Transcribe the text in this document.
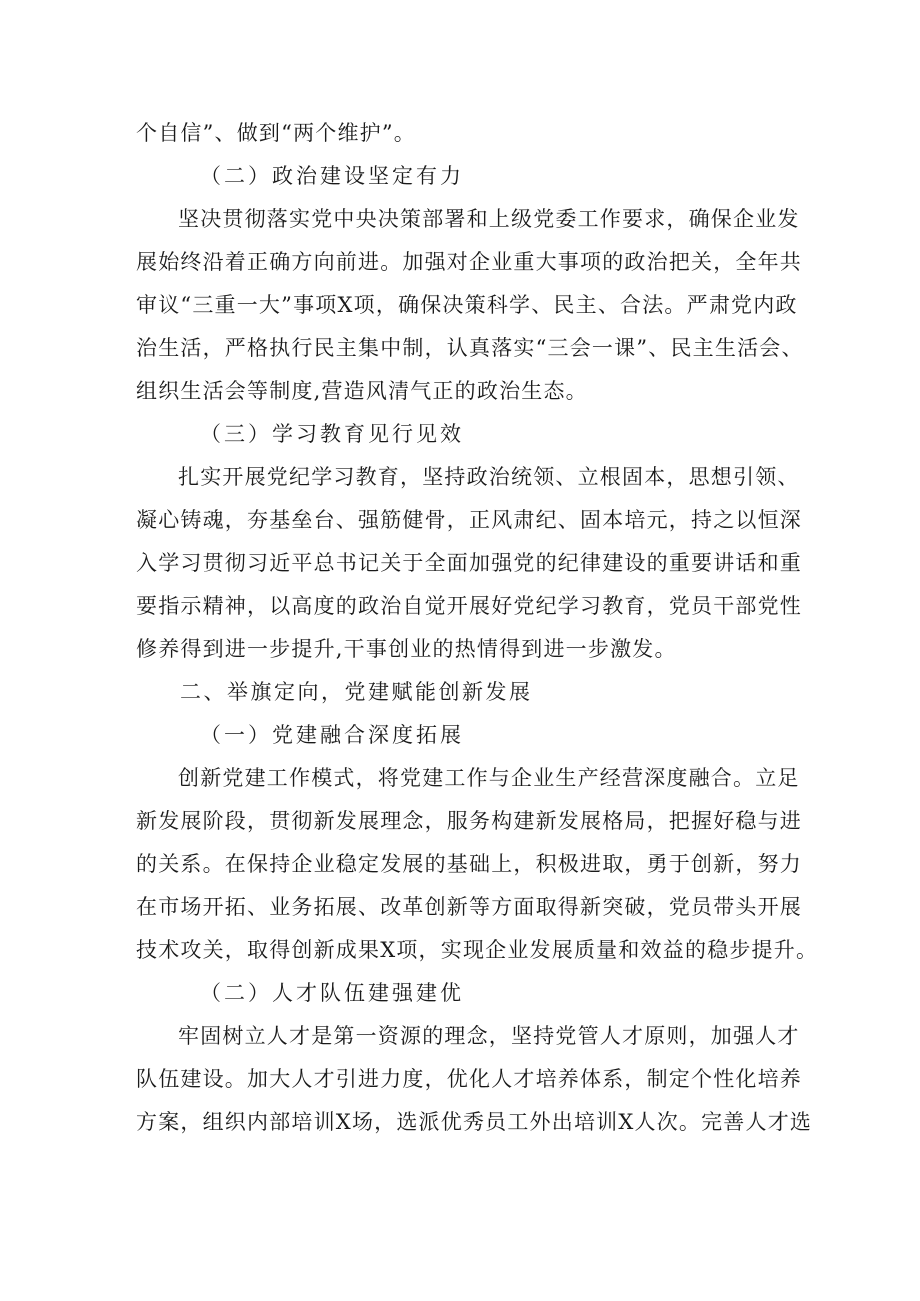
个自信”、做到“两个维护”。
（二）政治建设坚定有力
坚决贯彻落实党中央决策部署和上级党委工作要求，确保企业发
展始终沿着正确方向前进。加强对企业重大事项的政治把关，全年共
审议“三重一大”事项X项，确保决策科学、民主、合法。严肃党内政
治生活，严格执行民主集中制，认真落实“三会一课”、民主生活会、
组织生活会等制度,营造风清气正的政治生态。
（三）学习教育见行见效
扎实开展党纪学习教育，坚持政治统领、立根固本，思想引领、
凝心铸魂，夯基垒台、强筋健骨，正风肃纪、固本培元，持之以恒深
入学习贯彻习近平总书记关于全面加强党的纪律建设的重要讲话和重
要指示精神，以高度的政治自觉开展好党纪学习教育，党员干部党性
修养得到进一步提升,干事创业的热情得到进一步激发。
二、举旗定向，党建赋能创新发展
（一）党建融合深度拓展
创新党建工作模式，将党建工作与企业生产经营深度融合。立足
新发展阶段，贯彻新发展理念，服务构建新发展格局，把握好稳与进
的关系。在保持企业稳定发展的基础上，积极进取，勇于创新，努力
在市场开拓、业务拓展、改革创新等方面取得新突破，党员带头开展
技术攻关，取得创新成果X项，实现企业发展质量和效益的稳步提升。
（二）人才队伍建强建优
牢固树立人才是第一资源的理念，坚持党管人才原则，加强人才
队伍建设。加大人才引进力度，优化人才培养体系，制定个性化培养
方案，组织内部培训X场，选派优秀员工外出培训X人次。完善人才选
